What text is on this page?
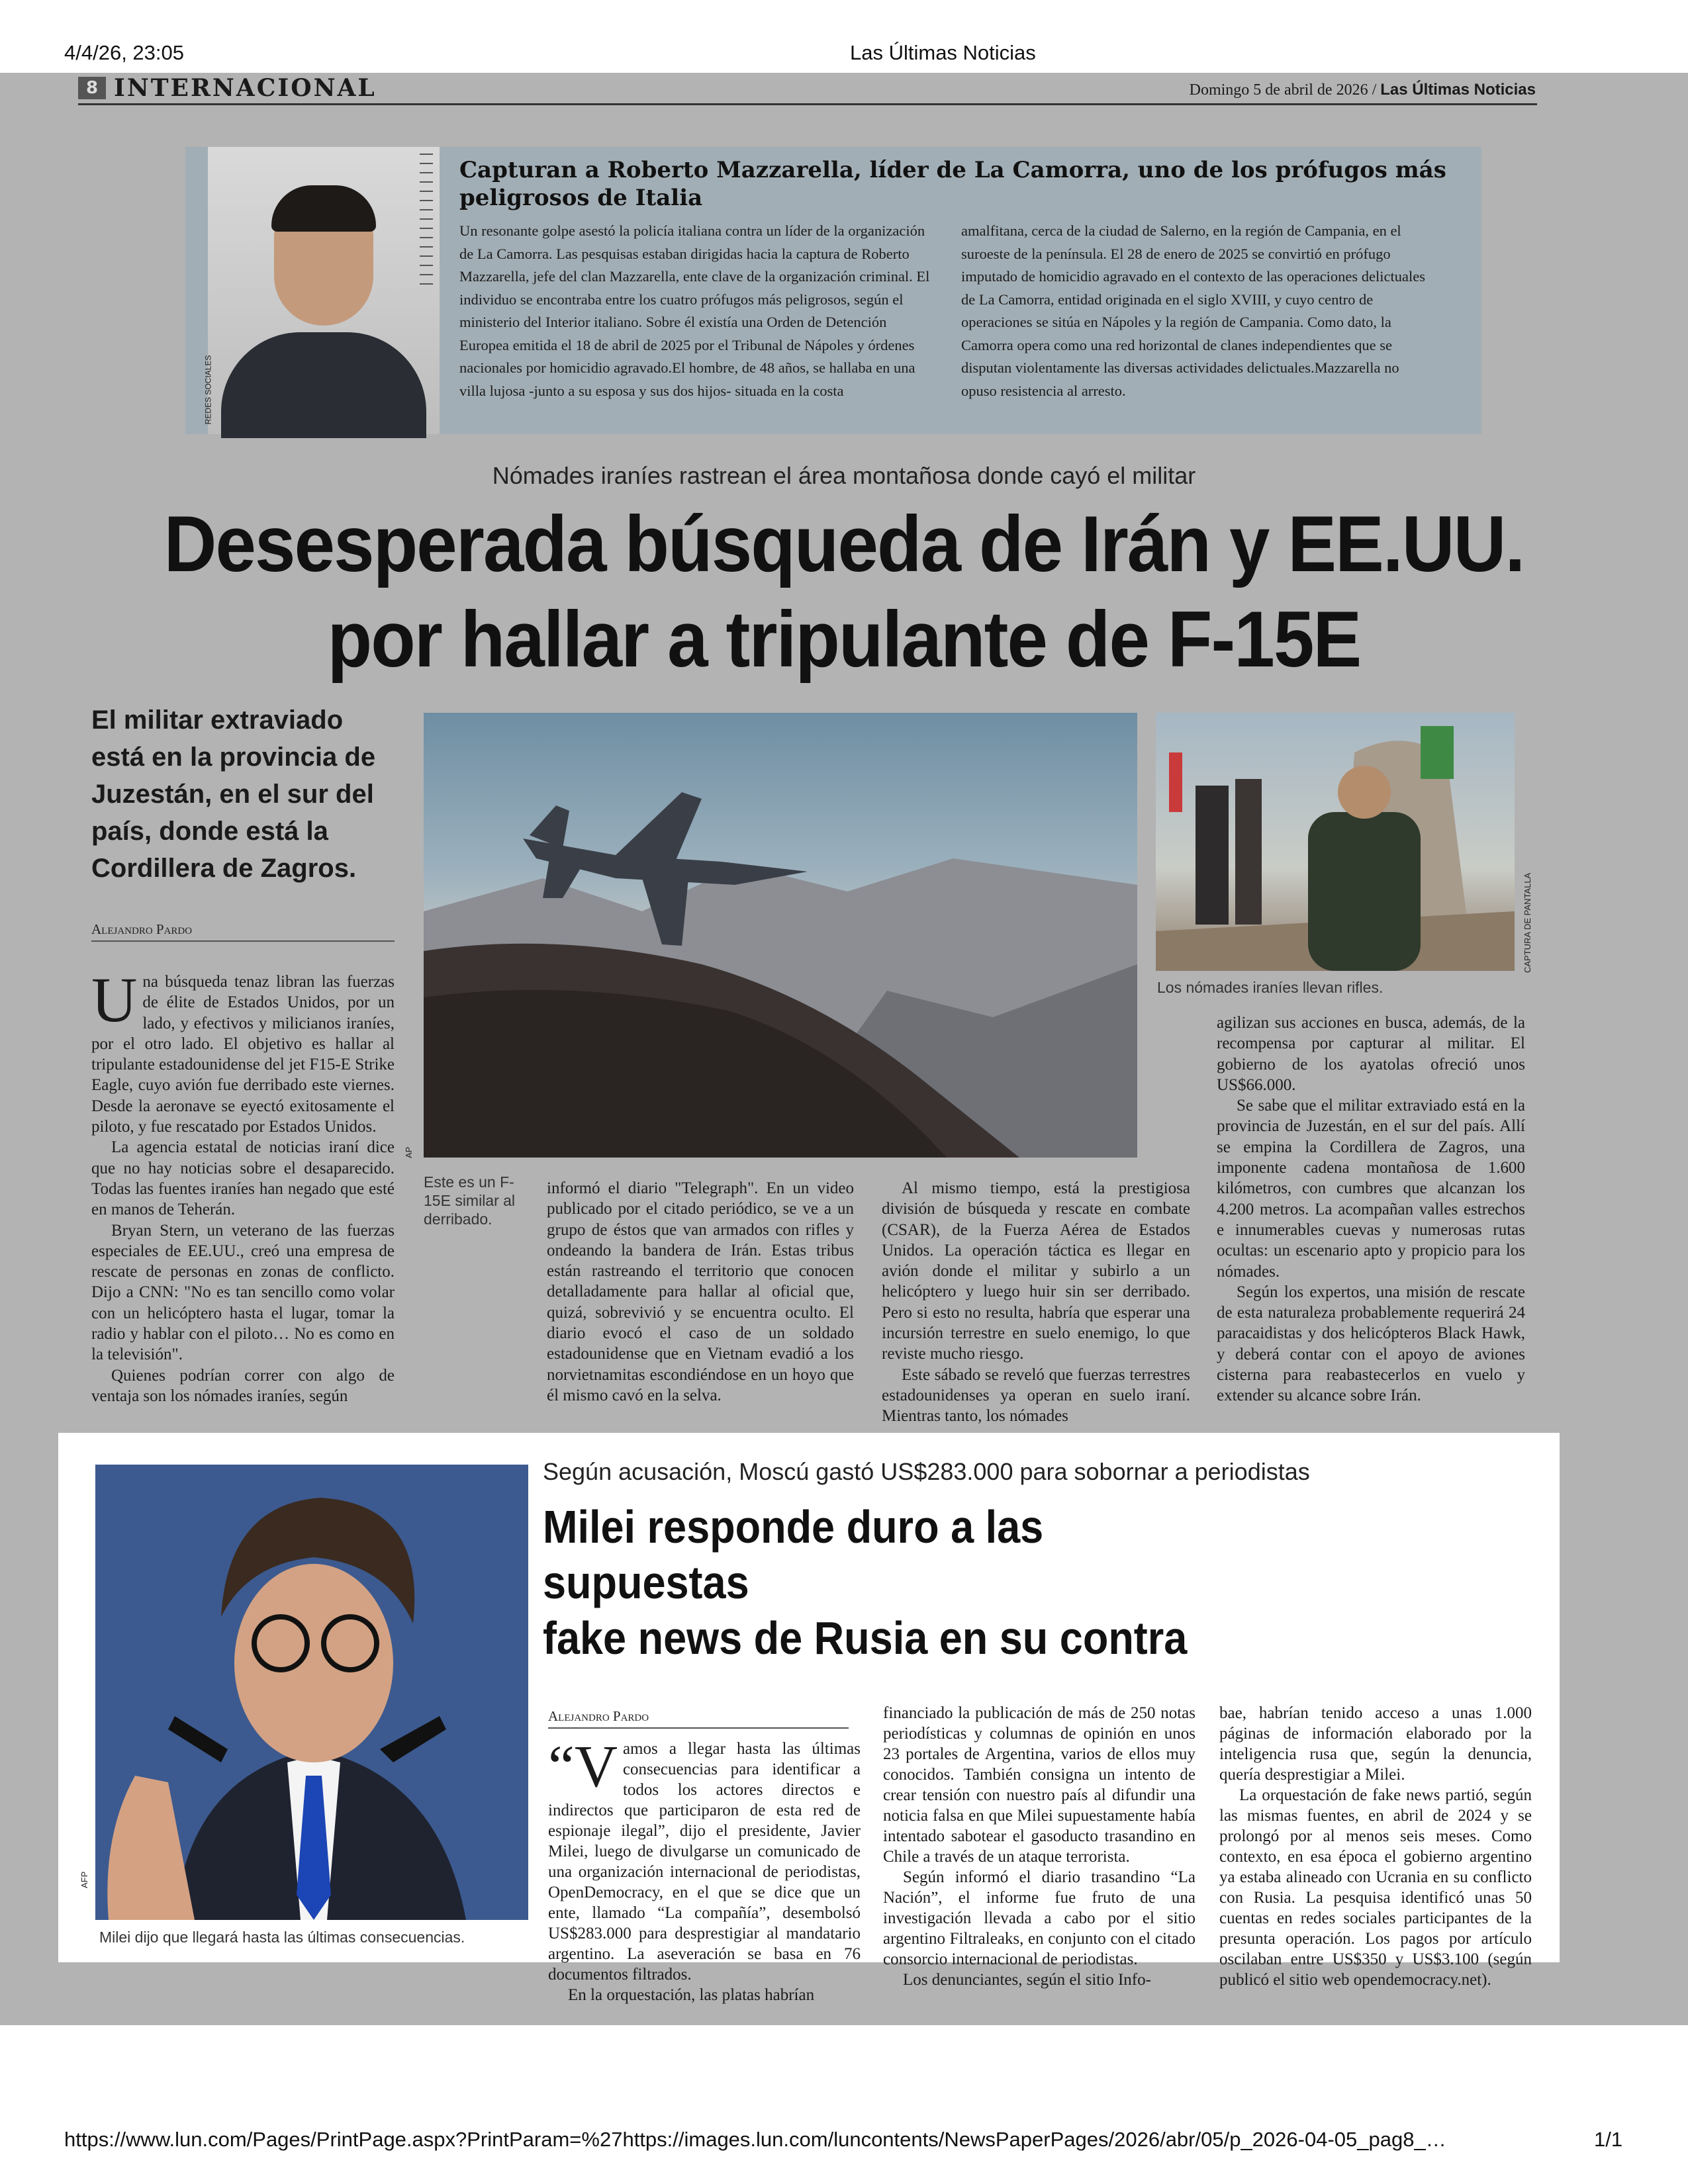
4/4/26, 23:05	Las Últimas Noticias
8 INTERNACIONAL	Domingo 5 de abril de 2026 / Las Últimas Noticias
REDES SOCIALES
Capturan a Roberto Mazzarella, líder de La Camorra, uno de los prófugos más peligrosos de Italia
Un resonante golpe asestó la policía italiana contra un líder de la organización de La Camorra. Las pesquisas estaban dirigidas hacia la captura de Roberto Mazzarella, jefe del clan Mazzarella, ente clave de la organización criminal. El individuo se encontraba entre los cuatro prófugos más peligrosos, según el ministerio del Interior italiano. Sobre él existía una Orden de Detención Europea emitida el 18 de abril de 2025 por el Tribunal de Nápoles y órdenes nacionales por homicidio agravado.El hombre, de 48 años, se hallaba en una villa lujosa -junto a su esposa y sus dos hijos- situada en la costa
amalfitana, cerca de la ciudad de Salerno, en la región de Campania, en el suroeste de la península. El 28 de enero de 2025 se convirtió en prófugo imputado de homicidio agravado en el contexto de las operaciones delictuales de La Camorra, entidad originada en el siglo XVIII, y cuyo centro de operaciones se sitúa en Nápoles y la región de Campania. Como dato, la Camorra opera como una red horizontal de clanes independientes que se disputan violentamente las diversas actividades delictuales.Mazzarella no opuso resistencia al arresto.
Nómades iraníes rastrean el área montañosa donde cayó el militar
Desesperada búsqueda de Irán y EE.UU.
por hallar a tripulante de F-15E
El militar extraviado está en la provincia de Juzestán, en el sur del país, donde está la Cordillera de Zagros.
Alejandro Pardo

Una búsqueda tenaz libran las fuerzas de élite de Estados Unidos, por un lado, y efectivos y milicianos iraníes, por el otro lado. El objetivo es hallar al tripulante estadounidense del jet F15-E Strike Eagle, cuyo avión fue derribado este viernes. Desde la aeronave se eyectó exitosamente el piloto, y fue rescatado por Estados Unidos.

La agencia estatal de noticias iraní dice que no hay noticias sobre el desaparecido. Todas las fuentes iraníes han negado que esté en manos de Teherán.

Bryan Stern, un veterano de las fuerzas especiales de EE.UU., creó una empresa de rescate de personas en zonas de conflicto. Dijo a CNN: "No es tan sencillo como volar con un helicóptero hasta el lugar, tomar la radio y hablar con el piloto… No es como en la televisión".

Quienes podrían correr con algo de ventaja son los nómades iraníes, según

AP
Este es un F-15E similar al derribado.
CAPTURA DE PANTALLA
Los nómades iraníes llevan rifles.

informó el diario "Telegraph". En un video publicado por el citado periódico, se ve a un grupo de éstos que van armados con rifles y ondeando la bandera de Irán. Estas tribus están rastreando el territorio que conocen detalladamente para hallar al oficial que, quizá, sobrevivió y se encuentra oculto. El diario evocó el caso de un soldado estadounidense que en Vietnam evadió a los norvietnamitas escondiéndose en un hoyo que él mismo cavó en la selva.

Al mismo tiempo, está la prestigiosa división de búsqueda y rescate en combate (CSAR), de la Fuerza Aérea de Estados Unidos. La operación táctica es llegar en avión donde el militar y subirlo a un helicóptero y luego huir sin ser derribado. Pero si esto no resulta, habría que esperar una incursión terrestre en suelo enemigo, lo que reviste mucho riesgo.

Este sábado se reveló que fuerzas terrestres estadounidenses ya operan en suelo iraní. Mientras tanto, los nómades

agilizan sus acciones en busca, además, de la recompensa por capturar al militar. El gobierno de los ayatolas ofreció unos US$66.000.

Se sabe que el militar extraviado está en la provincia de Juzestán, en el sur del país. Allí se empina la Cordillera de Zagros, una imponente cadena montañosa de 1.600 kilómetros, con cumbres que alcanzan los 4.200 metros. La acompañan valles estrechos e innumerables cuevas y numerosas rutas ocultas: un escenario apto y propicio para los nómades.

Según los expertos, una misión de rescate de esta naturaleza probablemente requerirá 24 paracaidistas y dos helicópteros Black Hawk, y deberá contar con el apoyo de aviones cisterna para reabastecerlos en vuelo y extender su alcance sobre Irán.

AFP
Milei dijo que llegará hasta las últimas consecuencias.
Según acusación, Moscú gastó US$283.000 para sobornar a periodistas
Milei responde duro a las supuestas
fake news de Rusia en su contra
Alejandro Pardo

“V amos a llegar hasta las últimas consecuencias para identificar a todos los actores directos e indirectos que participaron de esta red de espionaje ilegal”, dijo el presidente, Javier Milei, luego de divulgarse un comunicado de una organización internacional de periodistas, OpenDemocracy, en el que se dice que un ente, llamado “La compañía”, desembolsó US$283.000 para desprestigiar al mandatario argentino. La aseveración se basa en 76 documentos filtrados.

En la orquestación, las platas habrían

financiado la publicación de más de 250 notas periodísticas y columnas de opinión en unos 23 portales de Argentina, varios de ellos muy conocidos. También consigna un intento de crear tensión con nuestro país al difundir una noticia falsa en que Milei supuestamente había intentado sabotear el gasoducto trasandino en Chile a través de un ataque terrorista.

Según informó el diario trasandino “La Nación”, el informe fue fruto de una investigación llevada a cabo por el sitio argentino Filtraleaks, en conjunto con el citado consorcio internacional de periodistas.

Los denunciantes, según el sitio Info-

bae, habrían tenido acceso a unas 1.000 páginas de información elaborado por la inteligencia rusa que, según la denuncia, quería desprestigiar a Milei.

La orquestación de fake news partió, según las mismas fuentes, en abril de 2024 y se prolongó por al menos seis meses. Como contexto, en esa época el gobierno argentino ya estaba alineado con Ucrania en su conflicto con Rusia. La pesquisa identificó unas 50 cuentas en redes sociales participantes de la presunta operación. Los pagos por artículo oscilaban entre US$350 y US$3.100 (según publicó el sitio web opendemocracy.net).

https://www.lun.com/Pages/PrintPage.aspx?PrintParam=%27https://images.lun.com/luncontents/NewsPaperPages/2026/abr/05/p_2026-04-05_pag8_…	1/1
